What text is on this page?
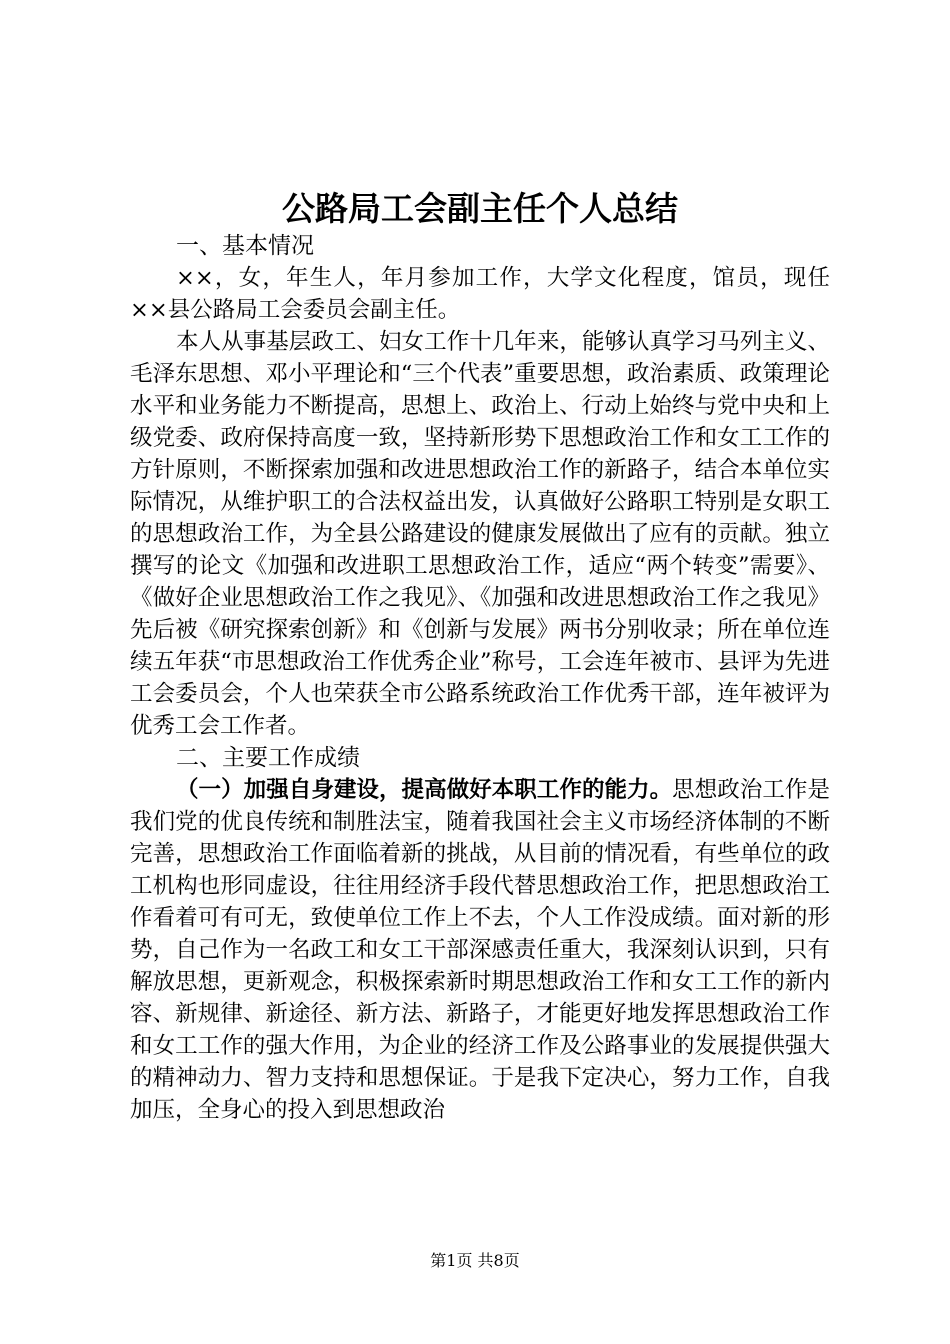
公路局工会副主任个人总结
一、基本情况

××，女，年生人，年月参加工作，大学文化程度，馆员，现任××县公路局工会委员会副主任。

本人从事基层政工、妇女工作十几年来，能够认真学习马列主义、毛泽东思想、邓小平理论和“三个代表”重要思想，政治素质、政策理论水平和业务能力不断提高，思想上、政治上、行动上始终与党中央和上级党委、政府保持高度一致，坚持新形势下思想政治工作和女工工作的方针原则，不断探索加强和改进思想政治工作的新路子，结合本单位实际情况，从维护职工的合法权益出发，认真做好公路职工特别是女职工的思想政治工作，为全县公路建设的健康发展做出了应有的贡献。独立撰写的论文《加强和改进职工思想政治工作，适应“两个转变”需要》、《做好企业思想政治工作之我见》、《加强和改进思想政治工作之我见》先后被《研究探索创新》和《创新与发展》两书分别收录；所在单位连续五年获“市思想政治工作优秀企业”称号，工会连年被市、县评为先进工会委员会，个人也荣获全市公路系统政治工作优秀干部，连年被评为优秀工会工作者。

二、主要工作成绩

（一）加强自身建设，提高做好本职工作的能力。思想政治工作是我们党的优良传统和制胜法宝，随着我国社会主义市场经济体制的不断完善，思想政治工作面临着新的挑战，从目前的情况看，有些单位的政工机构也形同虚设，往往用经济手段代替思想政治工作，把思想政治工作看着可有可无，致使单位工作上不去，个人工作没成绩。面对新的形势，自己作为一名政工和女工干部深感责任重大，我深刻认识到，只有解放思想，更新观念，积极探索新时期思想政治工作和女工工作的新内容、新规律、新途径、新方法、新路子，才能更好地发挥思想政治工作和女工工作的强大作用，为企业的经济工作及公路事业的发展提供强大的精神动力、智力支持和思想保证。于是我下定决心，努力工作，自我加压，全身心的投入到思想政治

第1页 共8页
